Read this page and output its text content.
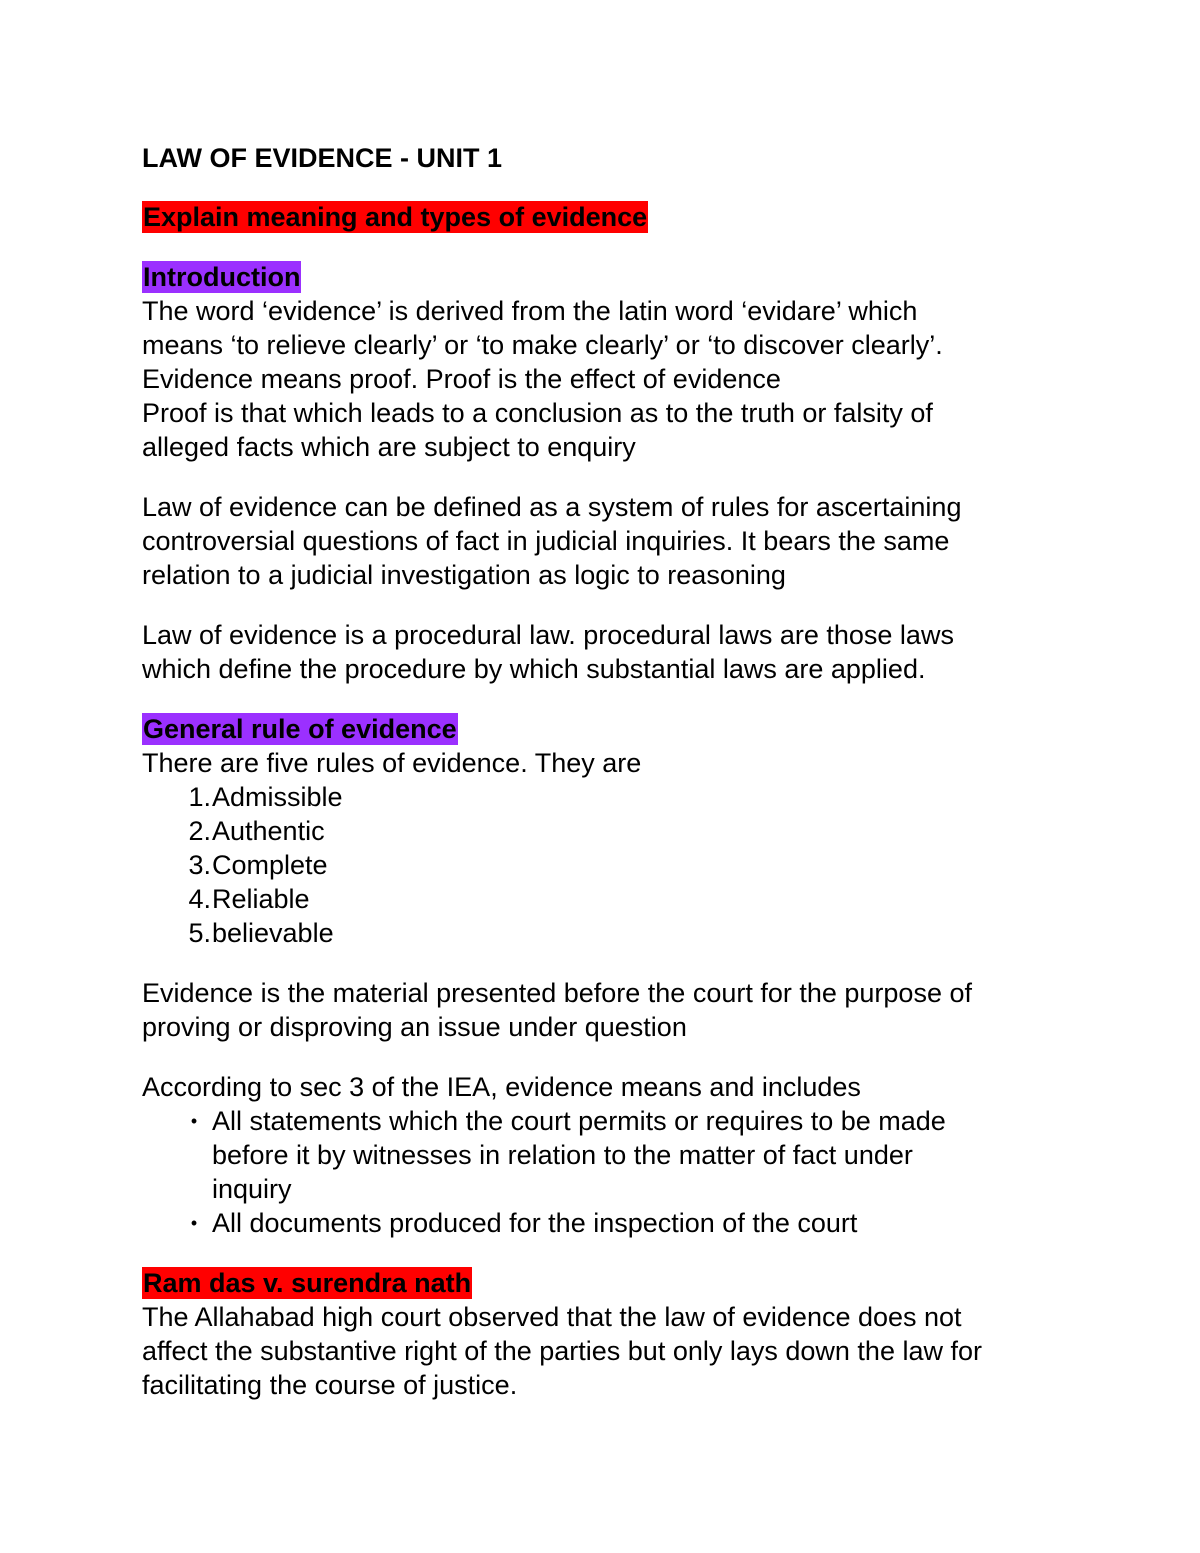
LAW OF EVIDENCE - UNIT 1
Explain meaning and types of evidence
Introduction
The word ‘evidence’ is derived from the latin word ‘evidare’ which
means ‘to relieve clearly’ or ‘to make clearly’ or ‘to discover clearly’.
Evidence means proof. Proof is the effect of evidence
Proof is that which leads to a conclusion as to the truth or falsity of
alleged facts which are subject to enquiry
Law of evidence can be defined as a system of rules for ascertaining
controversial questions of fact in judicial inquiries. It bears the same
relation to a judicial investigation as logic to reasoning
Law of evidence is a procedural law. procedural laws are those laws
which define the procedure by which substantial laws are applied.
General rule of evidence
There are five rules of evidence. They are
1. Admissible
2. Authentic
3. Complete
4. Reliable
5. believable
Evidence is the material presented before the court for the purpose of
proving or disproving an issue under question
According to sec 3 of the IEA, evidence means and includes
• All statements which the court permits or requires to be made
before it by witnesses in relation to the matter of fact under
inquiry
• All documents produced for the inspection of the court
Ram das v. surendra nath
The Allahabad high court observed that the law of evidence does not
affect the substantive right of the parties but only lays down the law for
facilitating the course of justice.
